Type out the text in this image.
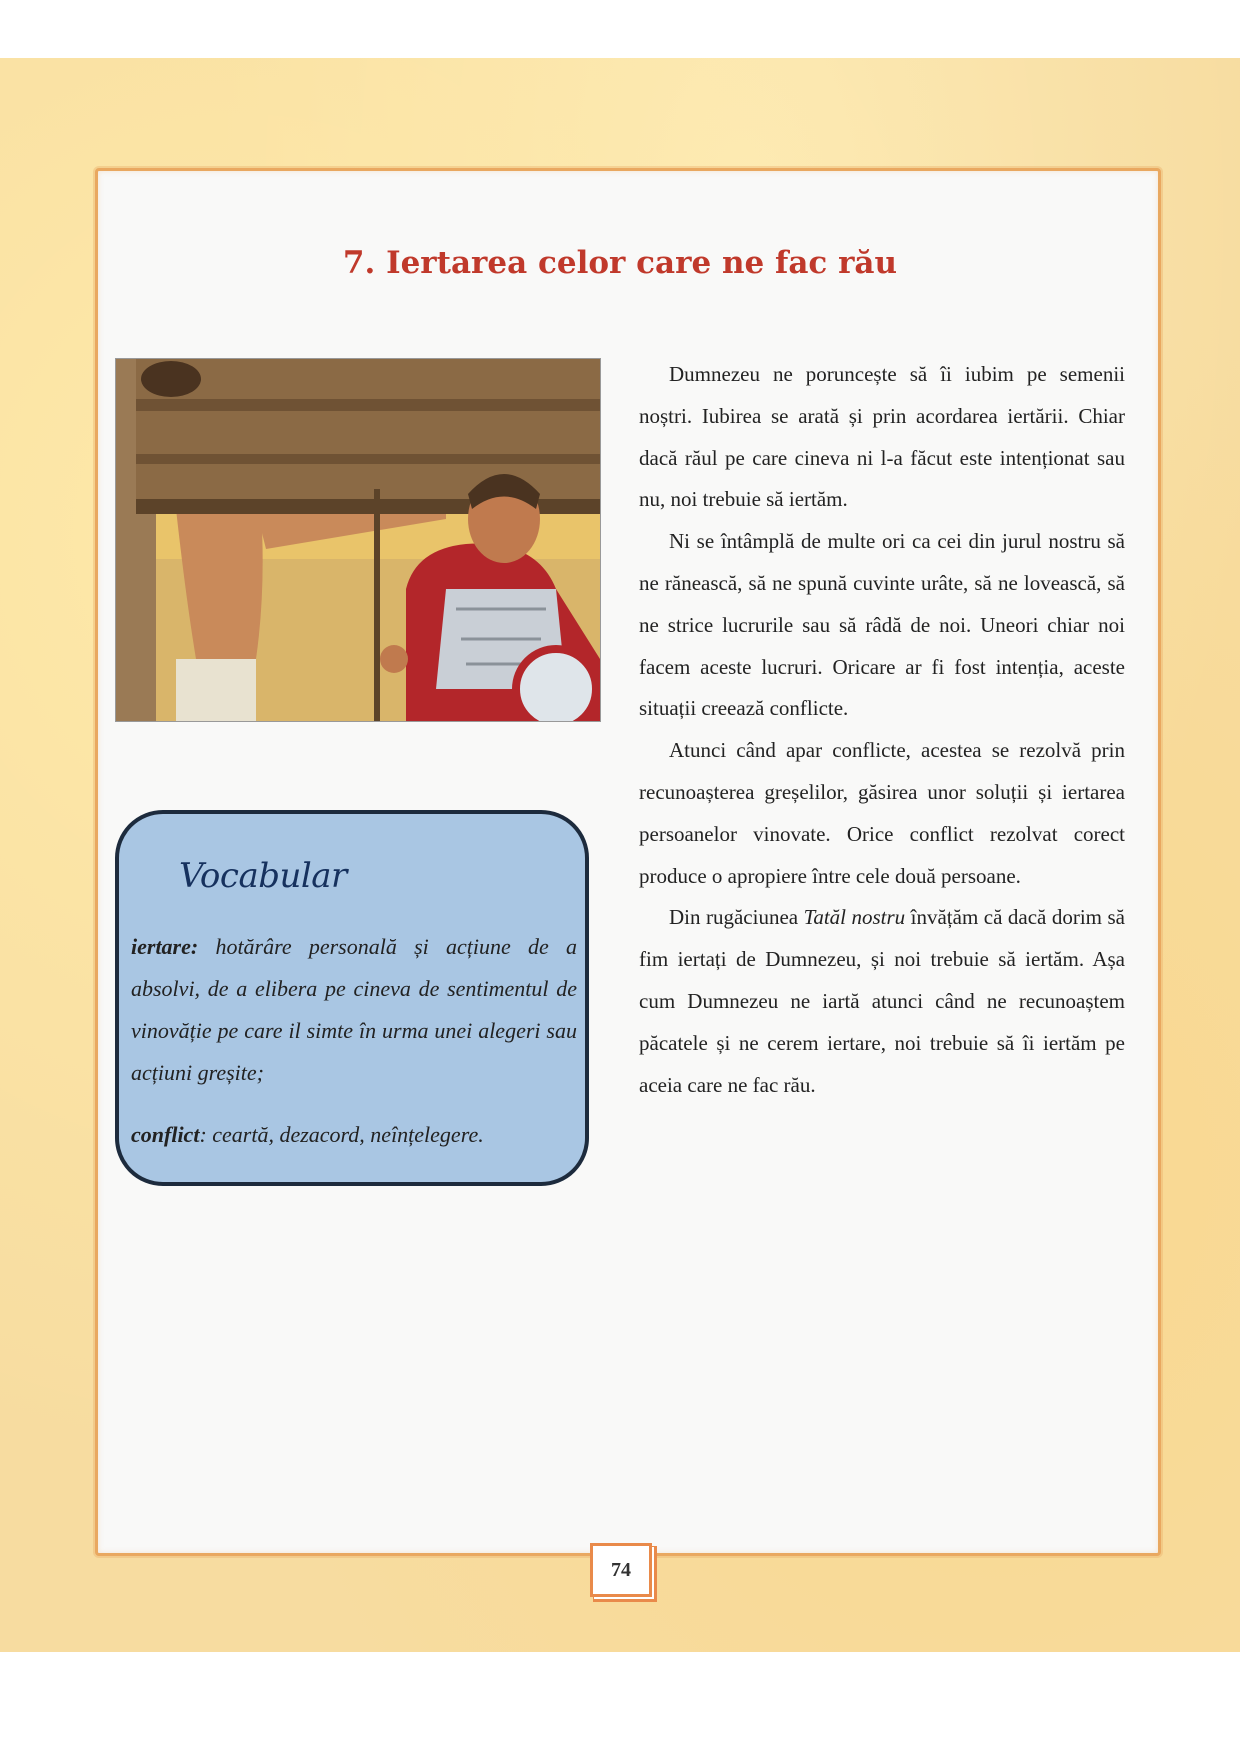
7. Iertarea celor care ne fac rău
Vocabular
iertare: hotărâre personală și acțiune de a absolvi, de a elibera pe cineva de sentimentul de vinovăție pe care il simte în urma unei alegeri sau acțiuni greșite;
conflict: ceartă, dezacord, neînțelegere.

Dumnezeu ne poruncește să îi iubim pe semenii noștri. Iubirea se arată și prin acordarea iertării. Chiar dacă răul pe care cineva ni l-a făcut este intenționat sau nu, noi trebuie să iertăm.

Ni se întâmplă de multe ori ca cei din jurul nostru să ne rănească, să ne spună cuvinte urâte, să ne lovească, să ne strice lucrurile sau să râdă de noi. Uneori chiar noi facem aceste lucruri. Oricare ar fi fost intenția, aceste situații creează conflicte.

Atunci când apar conflicte, acestea se rezolvă prin recunoașterea greșelilor, găsirea unor soluții și iertarea persoanelor vinovate. Orice conflict rezolvat corect produce o apropiere între cele două persoane.

Din rugăciunea Tatăl nostru învățăm că dacă dorim să fim iertați de Dumnezeu, și noi trebuie să iertăm. Așa cum Dumnezeu ne iartă atunci când ne recunoaștem păcatele și ne cerem iertare, noi trebuie să îi iertăm pe aceia care ne fac rău.

74
